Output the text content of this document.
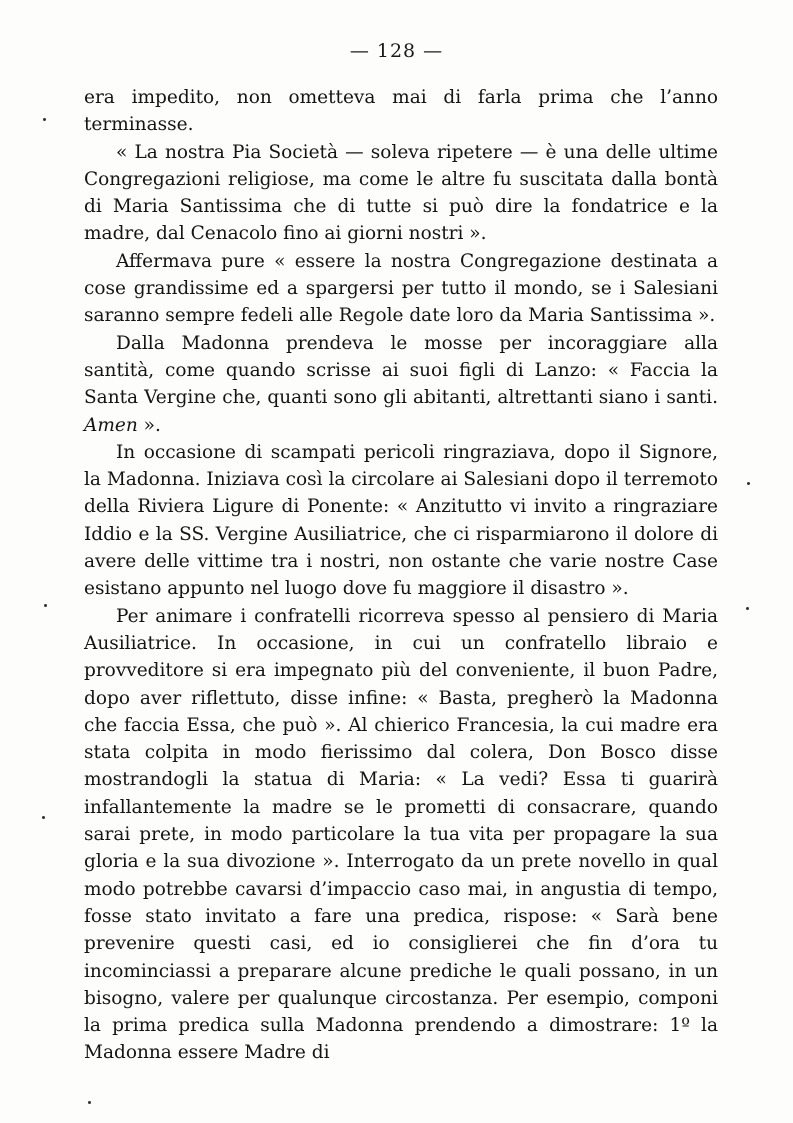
— 128 —

era impedito, non ometteva mai di farla prima che l’anno terminasse.

« La nostra Pia Società — soleva ripetere — è una delle ultime Congregazioni religiose, ma come le altre fu suscitata dalla bontà di Maria Santissima che di tutte si può dire la fondatrice e la madre, dal Cenacolo fino ai giorni nostri ».

Affermava pure « essere la nostra Congregazione destinata a cose grandissime ed a spargersi per tutto il mondo, se i Salesiani saranno sempre fedeli alle Regole date loro da Maria Santissima ».

Dalla Madonna prendeva le mosse per incoraggiare alla santità, come quando scrisse ai suoi figli di Lanzo: « Faccia la Santa Vergine che, quanti sono gli abitanti, altrettanti siano i santi. Amen ».

In occasione di scampati pericoli ringraziava, dopo il Signore, la Madonna. Iniziava così la circolare ai Salesiani dopo il terremoto della Riviera Ligure di Ponente: « Anzitutto vi invito a ringraziare Iddio e la SS. Vergine Ausiliatrice, che ci risparmiarono il dolore di avere delle vittime tra i nostri, non ostante che varie nostre Case esistano appunto nel luogo dove fu maggiore il disastro ».

Per animare i confratelli ricorreva spesso al pensiero di Maria Ausiliatrice. In occasione, in cui un confratello libraio e provveditore si era impegnato più del conveniente, il buon Padre, dopo aver riflettuto, disse infine: « Basta, pregherò la Madonna che faccia Essa, che può ». Al chierico Francesia, la cui madre era stata colpita in modo fierissimo dal colera, Don Bosco disse mostrandogli la statua di Maria: « La vedi? Essa ti guarirà infallantemente la madre se le prometti di consacrare, quando sarai prete, in modo particolare la tua vita per propagare la sua gloria e la sua divozione ». Interrogato da un prete novello in qual modo potrebbe cavarsi d’impaccio caso mai, in angustia di tempo, fosse stato invitato a fare una predica, rispose: « Sarà bene prevenire questi casi, ed io consiglierei che fin d’ora tu incominciassi a preparare alcune prediche le quali possano, in un bisogno, valere per qualunque circostanza. Per esempio, componi la prima predica sulla Madonna prendendo a dimostrare: 1º la Madonna essere Madre di
